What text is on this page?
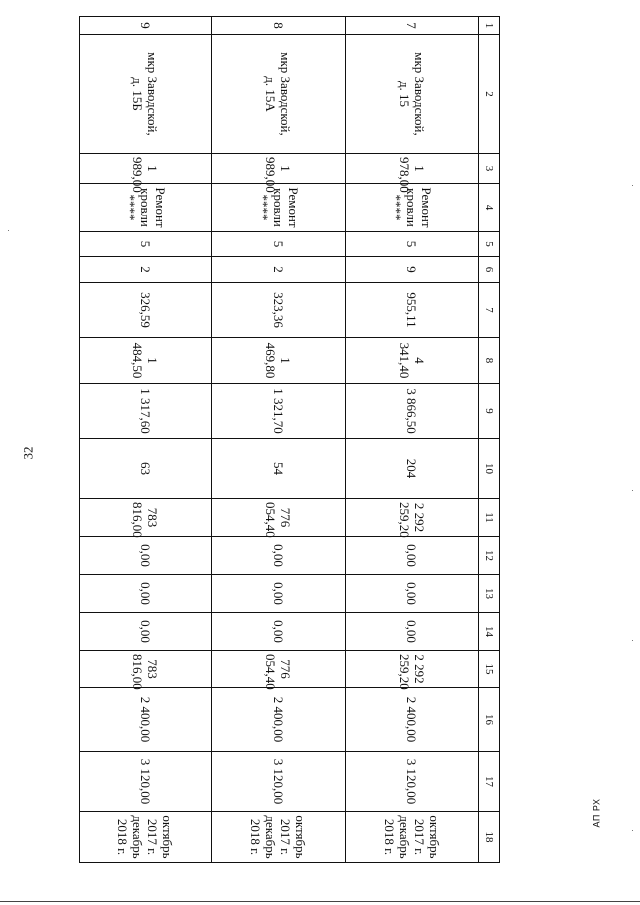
32
1	2	3	4	5	6	7	8	9	10	11	12	13	14	15	16	17	18
7	мкр Заводской,
д. 15	1 978,00	Ремонт кровли ****	5	9	955,11	4 341,40	3 866,50	204	2 292 259,20	0,00	0,00	0,00	2 292 259,20	2 400,00	3 120,00	октябрь 2017 г.
декабрь 2018 г.

8	мкр Заводской,
д. 15А	1 989,00	Ремонт кровли ****	5	2	323,36	1 469,80	1 321,70	54	776 054,40	0,00	0,00	0,00	776 054,40	2 400,00	3 120,00	октябрь 2017 г.
декабрь 2018 г.

9	мкр Заводской,
д. 15Б	1 989,00	Ремонт кровли ****	5	2	326,59	1 484,50	1 317,60	63	783 816,00	0,00	0,00	0,00	783 816,00	2 400,00	3 120,00	октябрь 2017 г.
декабрь 2018 г.
АП РХ
